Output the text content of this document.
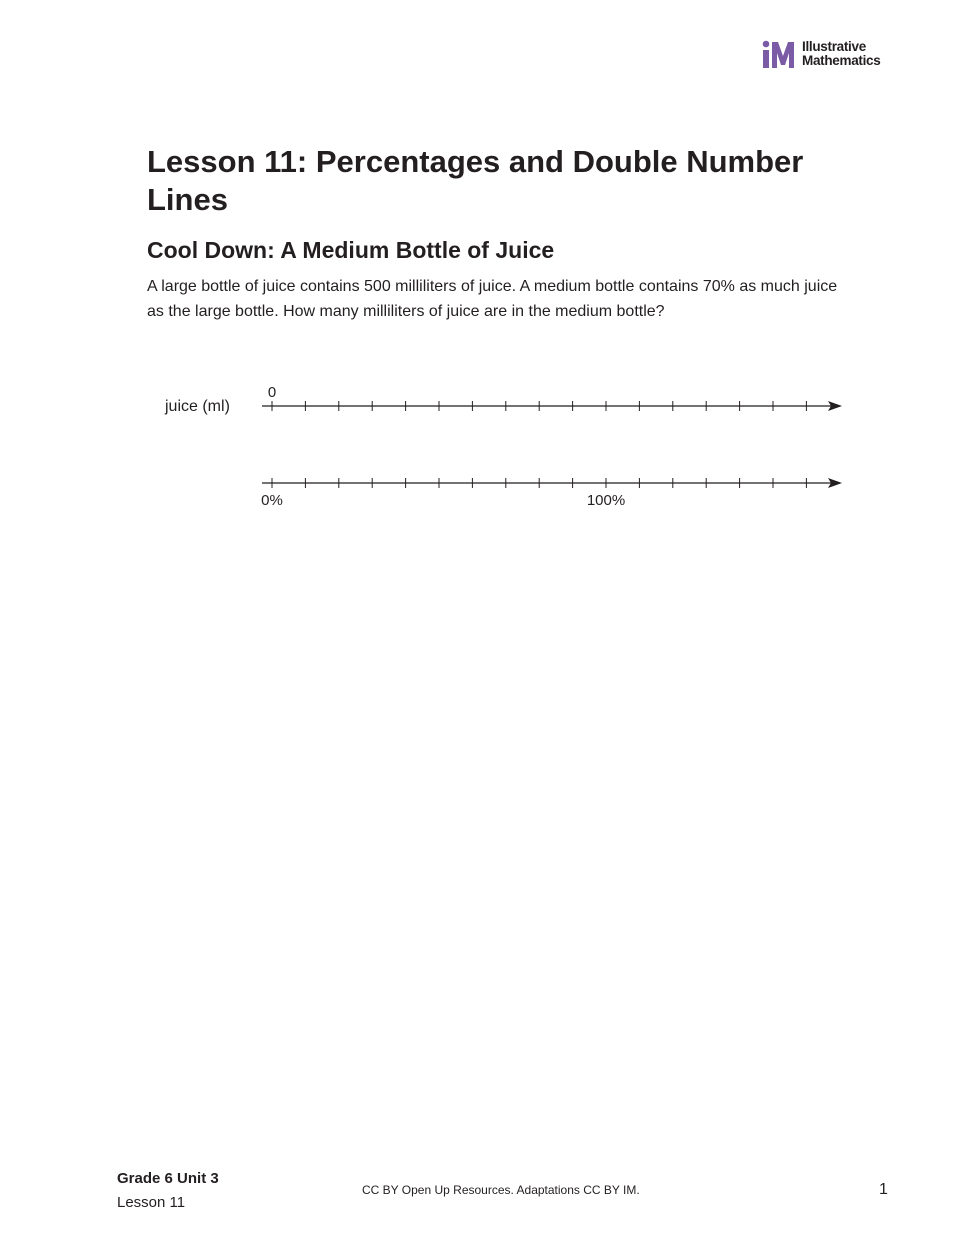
Illustrative
Mathematics
Lesson 11: Percentages and Double Number Lines
Cool Down: A Medium Bottle of Juice

A large bottle of juice contains 500 milliliters of juice. A medium bottle contains 70% as much juice as the large bottle. How many milliliters of juice are in the medium bottle?

juice (ml)
0
0%	100%
Grade 6 Unit 3
Lesson 11
CC BY Open Up Resources. Adaptations CC BY IM.	1
